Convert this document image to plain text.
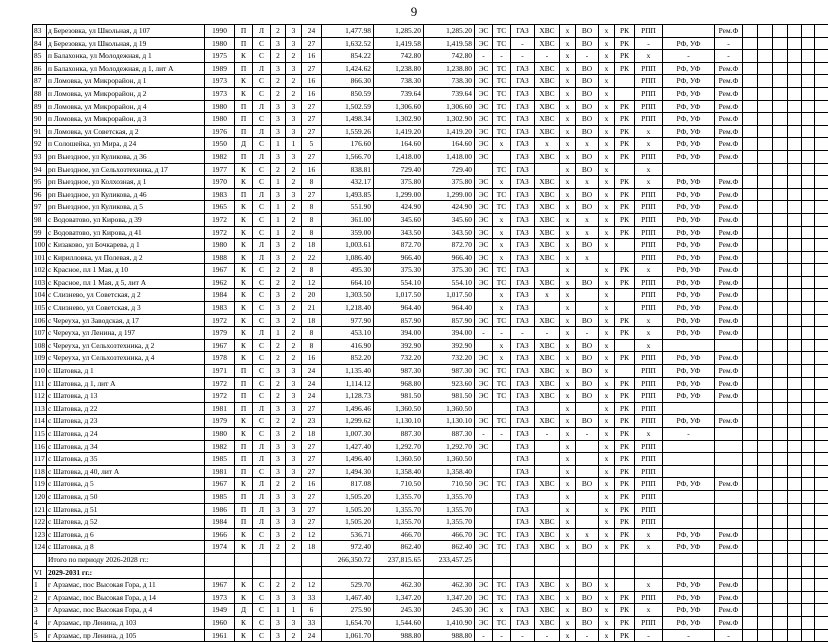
9
83	д Березовка, ул Школьная, д 107	1990	П	Л	2	3	24	1,477.98	1,285.20	1,285.20	ЭС	ТС	ГАЗ	ХВС	х	ВО	х	РК	РПП		Рем.Ф						
84	д Березовка, ул Школьная, д 19	1980	П	С	3	3	27	1,632.52	1,419.58	1,419.58	ЭС	ТС	-	ХВС	х	ВО	х	РК	-	РФ, УФ	-						
85	п Балахонка, ул Молодежная, д 1	1975	К	С	2	2	16	854.22	742.80	742.80	-	-	-	-	х	-	х	РК	х	-	-						
86	п Балахонка, ул Молодежная, д 1, лит А	1989	П	Л	3	3	27	1,424.62	1,238.80	1,238.80	ЭС	ТС	ГАЗ	ХВС	х	ВО	х	РК	РПП	РФ, УФ	Рем.Ф						
87	п Ломовка, ул Микрорайон, д 1	1973	К	С	2	2	16	866.30	738.30	738.30	ЭС	ТС	ГАЗ	ХВС	х	ВО	х		РПП	РФ, УФ	Рем.Ф						
88	п Ломовка, ул Микрорайон, д 2	1973	К	С	2	2	16	850.59	739.64	739.64	ЭС	ТС	ГАЗ	ХВС	х	ВО	х		РПП	РФ, УФ	Рем.Ф						
89	п Ломовка, ул Микрорайон, д 4	1980	П	Л	3	3	27	1,502.59	1,306.60	1,306.60	ЭС	ТС	ГАЗ	ХВС	х	ВО	х	РК	РПП	РФ, УФ	Рем.Ф						
90	п Ломовка, ул Микрорайон, д 3	1980	П	С	3	3	27	1,498.34	1,302.90	1,302.90	ЭС	ТС	ГАЗ	ХВС	х	ВО	х	РК	РПП	РФ, УФ	Рем.Ф						
91	п Ломовка, ул Советская, д 2	1976	П	Л	3	3	27	1,559.26	1,419.20	1,419.20	ЭС	ТС	ГАЗ	ХВС	х	ВО	х	РК	х	РФ, УФ	Рем.Ф						
92	п Солошейка, ул Мира, д 24	1950	Д	С	1	1	5	176.60	164.60	164.60	ЭС	х	ГАЗ	х	х	х	х	РК	х	РФ, УФ	Рем.Ф						
93	рп Выездное, ул Куликова, д 36	1982	П	Л	3	3	27	1,566.70	1,418.00	1,418.00	ЭС		ГАЗ	ХВС	х	ВО	х	РК	РПП	РФ, УФ	Рем.Ф						
94	рп Выездное, ул Сельхозтехника, д 17	1977	К	С	2	2	16	838.81	729.40	729.40		ТС	ГАЗ		х	ВО	х		х								
95	рп Выездное, ул Колхозная, д 1	1970	К	С	1	2	8	432.17	375.80	375.80	ЭС	х	ГАЗ	ХВС	х	х	х	РК	х	РФ, УФ	Рем.Ф						
96	рп Выездное, ул Куликова, д 46	1983	П	Л	3	3	27	1,493.85	1,299.00	1,299.00	ЭС	ТС	ГАЗ	ХВС	х	ВО	х	РК	РПП	РФ, УФ	Рем.Ф						
97	рп Выездное, ул Куликова, д 5	1965	К	С	1	2	8	551.90	424.90	424.90	ЭС	ТС	ГАЗ	ХВС	х	ВО	х	РК	РПП	РФ, УФ	Рем.Ф						
98	с Водоватово, ул Кирова, д 39	1972	К	С	1	2	8	361.00	345.60	345.60	ЭС	х	ГАЗ	ХВС	х	х	х	РК	РПП	РФ, УФ	Рем.Ф						
99	с Водоватово, ул Кирова, д 41	1972	К	С	1	2	8	359.00	343.50	343.50	ЭС	х	ГАЗ	ХВС	х	х	х	РК	РПП	РФ, УФ	Рем.Ф						
100	с Кизаково, ул Бочкарева, д 1	1980	К	Л	3	2	18	1,003.61	872.70	872.70	ЭС	х	ГАЗ	ХВС	х	ВО	х		РПП	РФ, УФ	Рем.Ф						
101	с Кирилловка, ул Полевая, д 2	1988	К	Л	3	2	22	1,086.40	966.40	966.40	ЭС	х	ГАЗ	ХВС	х	х			РПП	РФ, УФ	Рем.Ф						
102	с Красное, пл 1 Мая, д 10	1967	К	С	2	2	8	495.30	375.30	375.30	ЭС	ТС	ГАЗ		х		х	РК	х	РФ, УФ	Рем.Ф						
103	с Красное, пл 1 Мая, д 5, лит А	1962	К	С	2	2	12	664.10	554.10	554.10	ЭС	ТС	ГАЗ	ХВС	х	ВО	х	РК	РПП	РФ, УФ	Рем.Ф						
104	с Слизнево, ул Советская, д 2	1984	К	С	3	2	20	1,303.50	1,017.50	1,017.50		х	ГАЗ	х	х		х		РПП	РФ, УФ	Рем.Ф						
105	с Слизнево, ул Советская, д 3	1983	К	С	3	2	21	1,218.40	964.40	964.40		х	ГАЗ		х		х		РПП	РФ, УФ	Рем.Ф						
106	с Череуха, ул Заводская, д 17	1972	К	С	3	2	18	977.90	857.90	857.90	ЭС	ТС	ГАЗ	ХВС	х	ВО	х	РК	х	РФ, УФ	Рем.Ф						
107	с Череуха, ул Ленина, д 197	1979	К	Л	1	2	8	453.10	394.00	394.00	-	-	-	-	х	-	х	РК	х	РФ, УФ	Рем.Ф						
108	с Череуха, ул Сельхозтехника, д 2	1967	К	С	2	2	8	416.90	392.90	392.90		х	ГАЗ	ХВС	х	ВО	х		х								
109	с Череуха, ул Сельхозтехника, д 4	1978	К	С	2	2	16	852.20	732.20	732.20	ЭС	х	ГАЗ	ХВС	х	ВО	х	РК	РПП	РФ, УФ	Рем.Ф						
110	с Шатовка, д 1	1971	П	С	3	3	24	1,135.40	987.30	987.30	ЭС	ТС	ГАЗ	ХВС	х	ВО	х		РПП	РФ, УФ	Рем.Ф						
111	с Шатовка, д 1, лит А	1972	П	С	2	3	24	1,114.12	968.80	923.60	ЭС	ТС	ГАЗ	ХВС	х	ВО	х	РК	РПП	РФ, УФ	Рем.Ф						
112	с Шатовка, д 13	1972	П	С	2	3	24	1,128.73	981.50	981.50	ЭС	ТС	ГАЗ	ХВС	х	ВО	х	РК	РПП	РФ, УФ	Рем.Ф						
113	с Шатовка, д 22	1981	П	Л	3	3	27	1,496.46	1,360.50	1,360.50			ГАЗ		х		х	РК	РПП								
114	с Шатовка, д 23	1979	К	С	2	2	23	1,299.62	1,130.10	1,130.10	ЭС	ТС	ГАЗ	ХВС	х	ВО	х	РК	РПП	РФ, УФ	Рем.Ф						
115	с Шатовка, д 24	1980	К	С	3	2	18	1,007.30	887.30	887.30	-	-	ГАЗ	-	х	-	х	РК	х	-							
116	с Шатовка, д 34	1982	П	Л	3	3	27	1,427.40	1,292.70	1,292.70	ЭС		ГАЗ		х		х	РК	РПП								
117	с Шатовка, д 35	1985	П	Л	3	3	27	1,496.40	1,360.50	1,360.50			ГАЗ		х		х	РК	РПП								
118	с Шатовка, д 40, лит А	1981	П	С	3	3	27	1,494.30	1,358.40	1,358.40			ГАЗ		х		х	РК	РПП								
119	с Шатовка, д 5	1967	К	Л	2	2	16	817.08	710.50	710.50	ЭС	ТС	ГАЗ	ХВС	х	ВО	х	РК	РПП	РФ, УФ	Рем.Ф						
120	с Шатовка, д 50	1985	П	Л	3	3	27	1,505.20	1,355.70	1,355.70			ГАЗ		х		х	РК	РПП								
121	с Шатовка, д 51	1986	П	Л	3	3	27	1,505.20	1,355.70	1,355.70			ГАЗ		х		х	РК	РПП								
122	с Шатовка, д 52	1984	П	Л	3	3	27	1,505.20	1,355.70	1,355.70			ГАЗ	ХВС	х		х	РК	РПП								
123	с Шатовка, д 6	1966	К	С	3	2	12	536.71	466.70	466.70	ЭС	ТС	ГАЗ	ХВС	х	х	х	РК	х	РФ, УФ	Рем.Ф						
124	с Шатовка, д 8	1974	К	Л	2	2	18	972.40	862.40	862.40	ЭС	ТС	ГАЗ	ХВС	х	ВО	х	РК	х	РФ, УФ	Рем.Ф						
	Итого по периоду 2026-2028 гг.:							266,350.72	237,815.65	233,457.25																	
VI	2029-2031 гг.:																										
1	г Арзамас, пос Высокая Гора, д 11	1967	К	С	2	2	12	529.70	462.30	462.30	ЭС	ТС	ГАЗ	ХВС	х	ВО	х		х	РФ, УФ	Рем.Ф						
2	г Арзамас, пос Высокая Гора, д 14	1973	К	С	3	3	33	1,467.40	1,347.20	1,347.20	ЭС	ТС	ГАЗ	ХВС	х	ВО	х	РК	РПП	РФ, УФ	Рем.Ф						
3	г Арзамас, пос Высокая Гора, д 4	1949	Д	С	1	1	6	275.90	245.30	245.30	ЭС	х	ГАЗ	ХВС	х	ВО	х	РК	х	РФ, УФ	Рем.Ф						
4	г Арзамас, пр Ленина, д 103	1960	К	С	3	3	33	1,654.70	1,544.60	1,410.90	ЭС	ТС	ГАЗ	ХВС	х	ВО	х	РК	РПП	РФ, УФ	Рем.Ф						
5	г Арзамас, пр Ленина, д 105	1961	К	С	3	2	24	1,061.70	988.80	988.80	-	-	-	-	х	-	х	РК	-	-	-						
